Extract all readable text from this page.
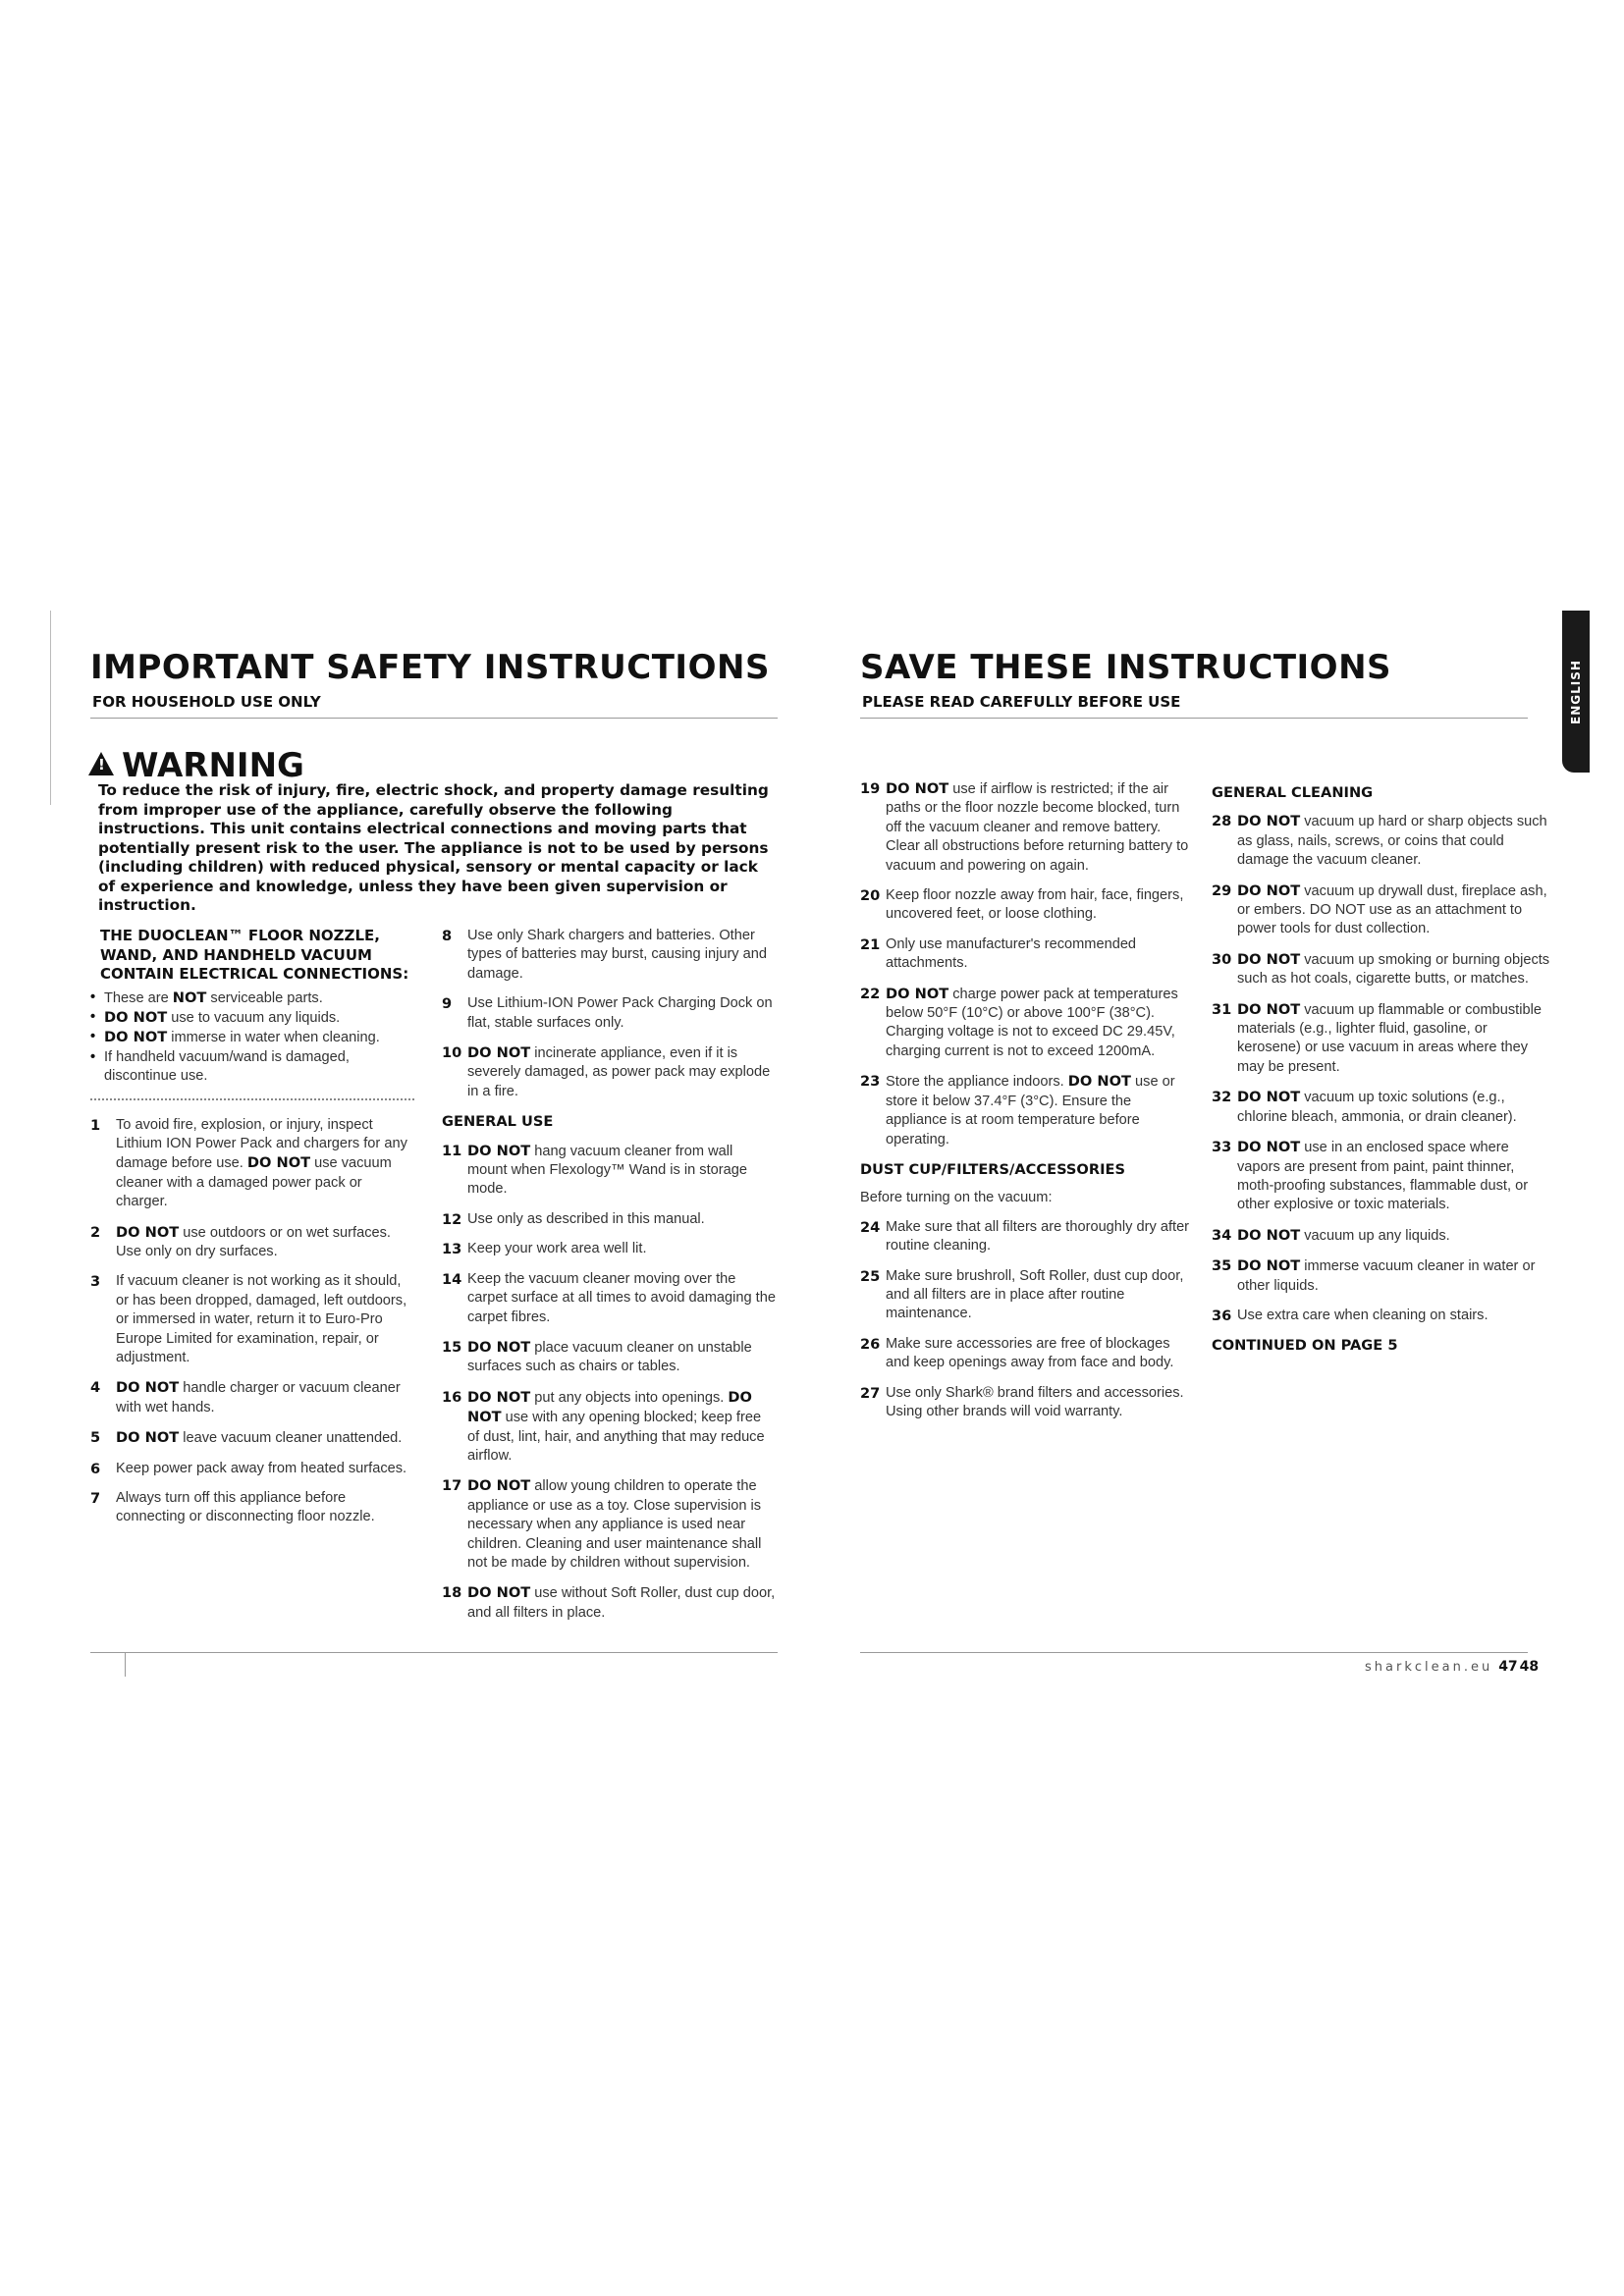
IMPORTANT SAFETY INSTRUCTIONS
FOR HOUSEHOLD USE ONLY
SAVE THESE INSTRUCTIONS
PLEASE READ CAREFULLY BEFORE USE	ENGLISH
!
WARNING
To reduce the risk of injury, fire, electric shock, and property damage resulting from improper use of the appliance, carefully observe the following instructions. This unit contains electrical connections and moving parts that potentially present risk to the user. The appliance is not to be used by persons (including children) with reduced physical, sensory or mental capacity or lack of experience and knowledge, unless they have been given supervision or instruction.
THE DUOCLEAN™ FLOOR NOZZLE, WAND, AND HANDHELD VACUUM CONTAIN ELECTRICAL CONNECTIONS:
• These are NOT serviceable parts.
• DO NOT use to vacuum any liquids.
• DO NOT immerse in water when cleaning.
• If handheld vacuum/wand is damaged, discontinue use.
1	To avoid fire, explosion, or injury, inspect Lithium ION Power Pack and chargers for any damage before use. DO NOT use vacuum cleaner with a damaged power pack or charger.
2	DO NOT use outdoors or on wet surfaces. Use only on dry surfaces.
3	If vacuum cleaner is not working as it should, or has been dropped, damaged, left outdoors, or immersed in water, return it to Euro-Pro Europe Limited for examination, repair, or adjustment.
4	DO NOT handle charger or vacuum cleaner with wet hands.
5	DO NOT leave vacuum cleaner unattended.
6	Keep power pack away from heated surfaces.
7	Always turn off this appliance before connecting or disconnecting floor nozzle.
8	Use only Shark chargers and batteries. Other types of batteries may burst, causing injury and damage.
9	Use Lithium-ION Power Pack Charging Dock on flat, stable surfaces only.
10 DO NOT incinerate appliance, even if it is severely damaged, as power pack may explode in a fire.
GENERAL USE
11 DO NOT hang vacuum cleaner from wall mount when Flexology™ Wand is in storage mode.
12 Use only as described in this manual.
13 Keep your work area well lit.
14 Keep the vacuum cleaner moving over the carpet surface at all times to avoid damaging the carpet fibres.
15 DO NOT place vacuum cleaner on unstable surfaces such as chairs or tables.
16 DO NOT put any objects into openings. DO NOT use with any opening blocked; keep free of dust, lint, hair, and anything that may reduce airflow.
17 DO NOT allow young children to operate the appliance or use as a toy. Close supervision is necessary when any appliance is used near children. Cleaning and user maintenance shall not be made by children without supervision.
18 DO NOT use without Soft Roller, dust cup door, and all filters in place.
19 DO NOT use if airflow is restricted; if the air paths or the floor nozzle become blocked, turn off the vacuum cleaner and remove battery. Clear all obstructions before returning battery to vacuum and powering on again.
20 Keep floor nozzle away from hair, face, fingers, uncovered feet, or loose clothing.
21 Only use manufacturer's recommended attachments.
22 DO NOT charge power pack at temperatures below 50°F (10°C) or above 100°F (38°C). Charging voltage is not to exceed DC 29.45V, charging current is not to exceed 1200mA.
23 Store the appliance indoors. DO NOT use or store it below 37.4°F (3°C). Ensure the appliance is at room temperature before operating.
DUST CUP/FILTERS/ACCESSORIES
Before turning on the vacuum:
24 Make sure that all filters are thoroughly dry after routine cleaning.
25 Make sure brushroll, Soft Roller, dust cup door, and all filters are in place after routine maintenance.
26 Make sure accessories are free of blockages and keep openings away from face and body.
27 Use only Shark® brand filters and accessories. Using other brands will void warranty.
GENERAL CLEANING
28 DO NOT vacuum up hard or sharp objects such as glass, nails, screws, or coins that could damage the vacuum cleaner.
29 DO NOT vacuum up drywall dust, fireplace ash, or embers. DO NOT use as an attachment to power tools for dust collection.
30 DO NOT vacuum up smoking or burning objects such as hot coals, cigarette butts, or matches.
31 DO NOT vacuum up flammable or combustible materials (e.g., lighter fluid, gasoline, or kerosene) or use vacuum in areas where they may be present.
32 DO NOT vacuum up toxic solutions (e.g., chlorine bleach, ammonia, or drain cleaner).
33 DO NOT use in an enclosed space where vapors are present from paint, paint thinner, moth-proofing substances, flammable dust, or other explosive or toxic materials.
34 DO NOT vacuum up any liquids.
35 DO NOT immerse vacuum cleaner in water or other liquids.
36 Use extra care when cleaning on stairs.
CONTINUED ON PAGE 5
sharkclean.eu 47 48
